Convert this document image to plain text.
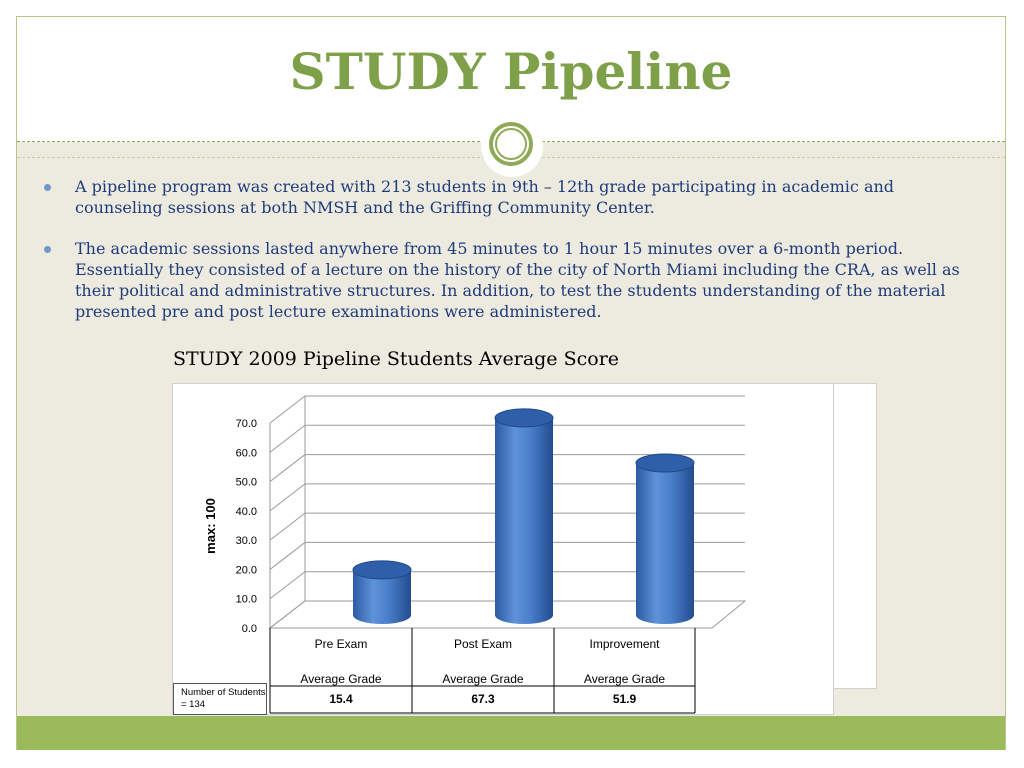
STUDY Pipeline
A pipeline program was created with 213 students in 9th – 12th grade participating in academic and counseling sessions at both NMSH and the Griffing Community Center.
The academic sessions lasted anywhere from 45 minutes to 1 hour 15 minutes over a 6-month period. Essentially they consisted of a lecture on the history of the city of North Miami including the CRA, as well as their political and administrative structures. In addition, to test the students understanding of the material presented pre and post lecture examinations were administered.
STUDY 2009 Pipeline Students Average Score
0.0
10.0
20.0
30.0
40.0
50.0
60.0
70.0
max: 100
Pre Exam
Average Grade
15.4
Post Exam
Average Grade
67.3
Improvement
Average Grade
51.9
Number of Students = 134
